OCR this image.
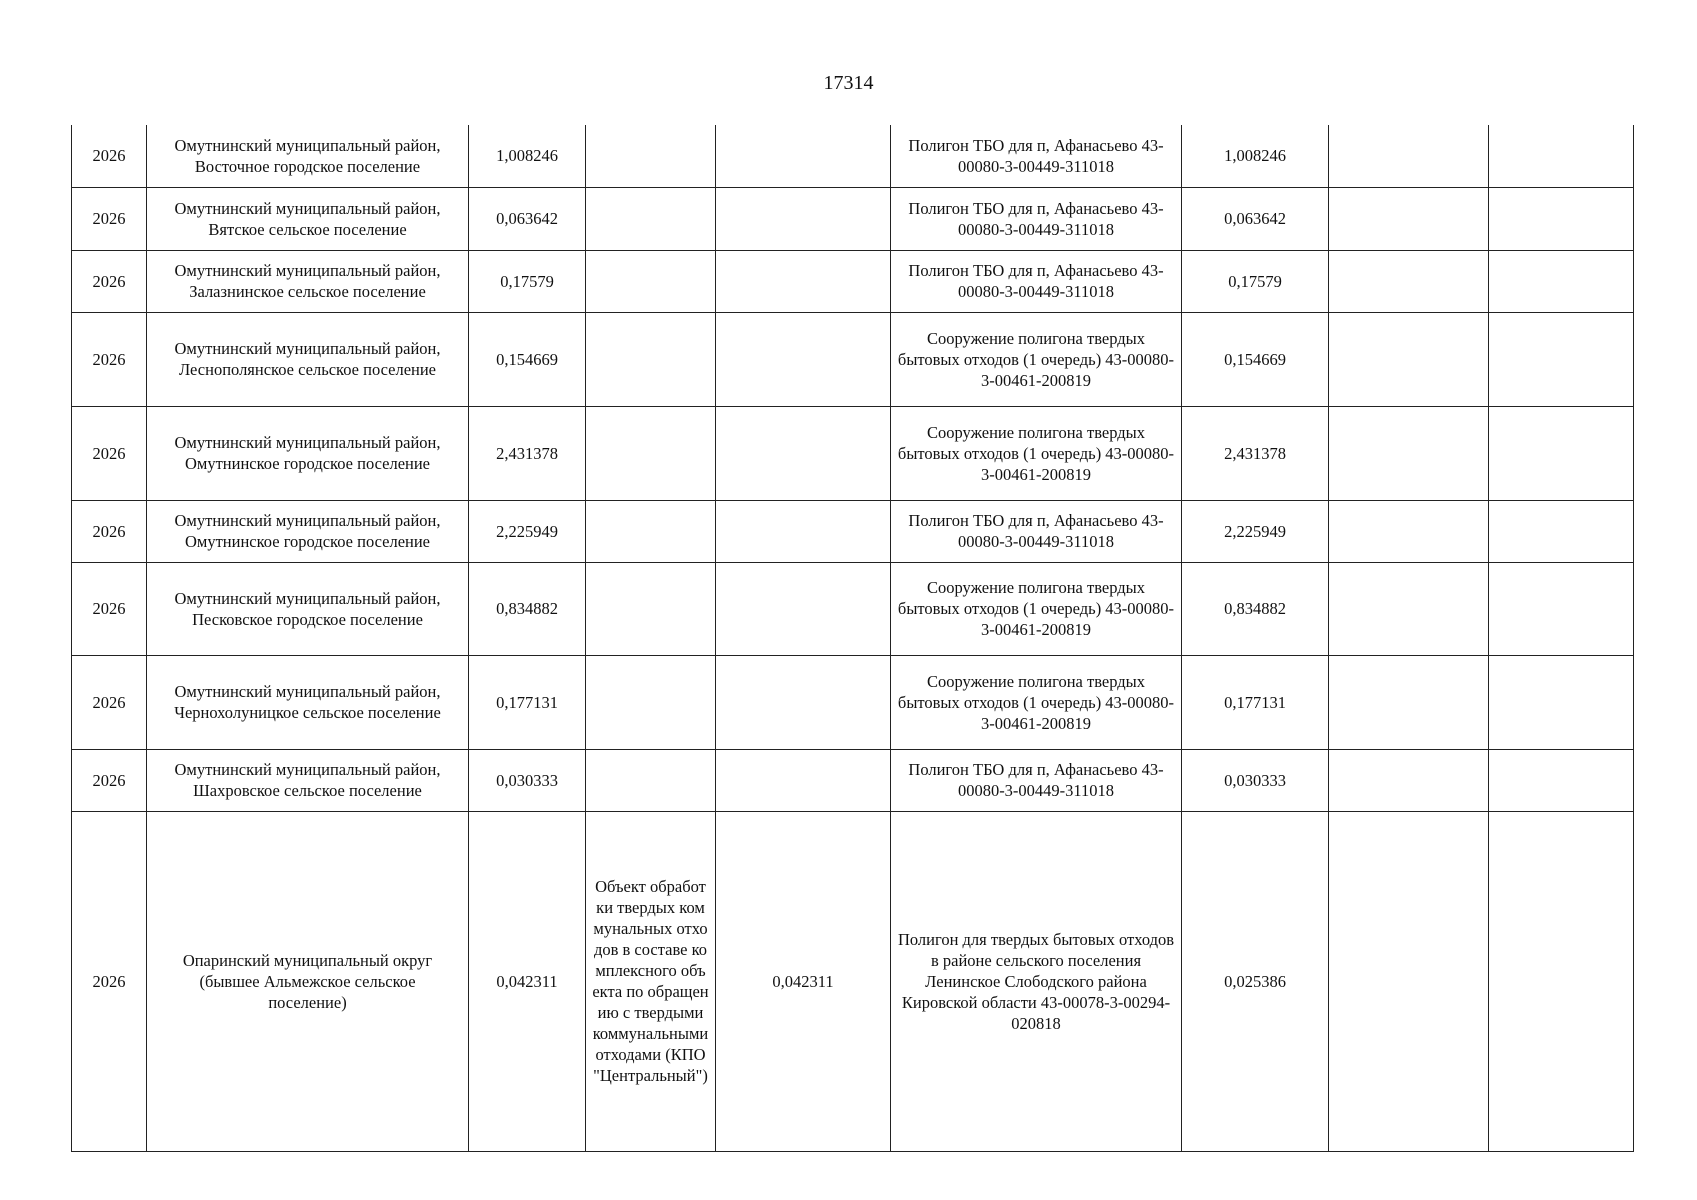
17314
2026	Омутнинский муниципальный район, Восточное городское поселение	1,008246			Полигон ТБО для п, Афанасьево 43-00080-3-00449-311018	1,008246		
2026	Омутнинский муниципальный район, Вятское сельское поселение	0,063642			Полигон ТБО для п, Афанасьево 43-00080-3-00449-311018	0,063642		
2026	Омутнинский муниципальный район, Залазнинское сельское поселение	0,17579			Полигон ТБО для п, Афанасьево 43-00080-3-00449-311018	0,17579		
2026	Омутнинский муниципальный район, Леснополянское сельское поселение	0,154669			Сооружение полигона твердых бытовых отходов (1 очередь) 43-00080-3-00461-200819	0,154669		
2026	Омутнинский муниципальный район, Омутнинское городское поселение	2,431378			Сооружение полигона твердых бытовых отходов (1 очередь) 43-00080-3-00461-200819	2,431378		
2026	Омутнинский муниципальный район, Омутнинское городское поселение	2,225949			Полигон ТБО для п, Афанасьево 43-00080-3-00449-311018	2,225949		
2026	Омутнинский муниципальный район, Песковское городское поселение	0,834882			Сооружение полигона твердых бытовых отходов (1 очередь) 43-00080-3-00461-200819	0,834882		
2026	Омутнинский муниципальный район, Чернохолуницкое сельское поселение	0,177131			Сооружение полигона твердых бытовых отходов (1 очередь) 43-00080-3-00461-200819	0,177131		
2026	Омутнинский муниципальный район, Шахровское сельское поселение	0,030333			Полигон ТБО для п, Афанасьево 43-00080-3-00449-311018	0,030333		
2026	Опаринский муниципальный округ (бывшее Альмежское сельское поселение)	0,042311	Объект обработки твердых коммунальных отходов в составе комплексного объекта по обращению с твердыми коммунальными отходами (КПО "Центральный")	0,042311	Полигон для твердых бытовых отходов в районе сельского поселения Ленинское Слободского района Кировской области 43-00078-3-00294-020818	0,025386		
